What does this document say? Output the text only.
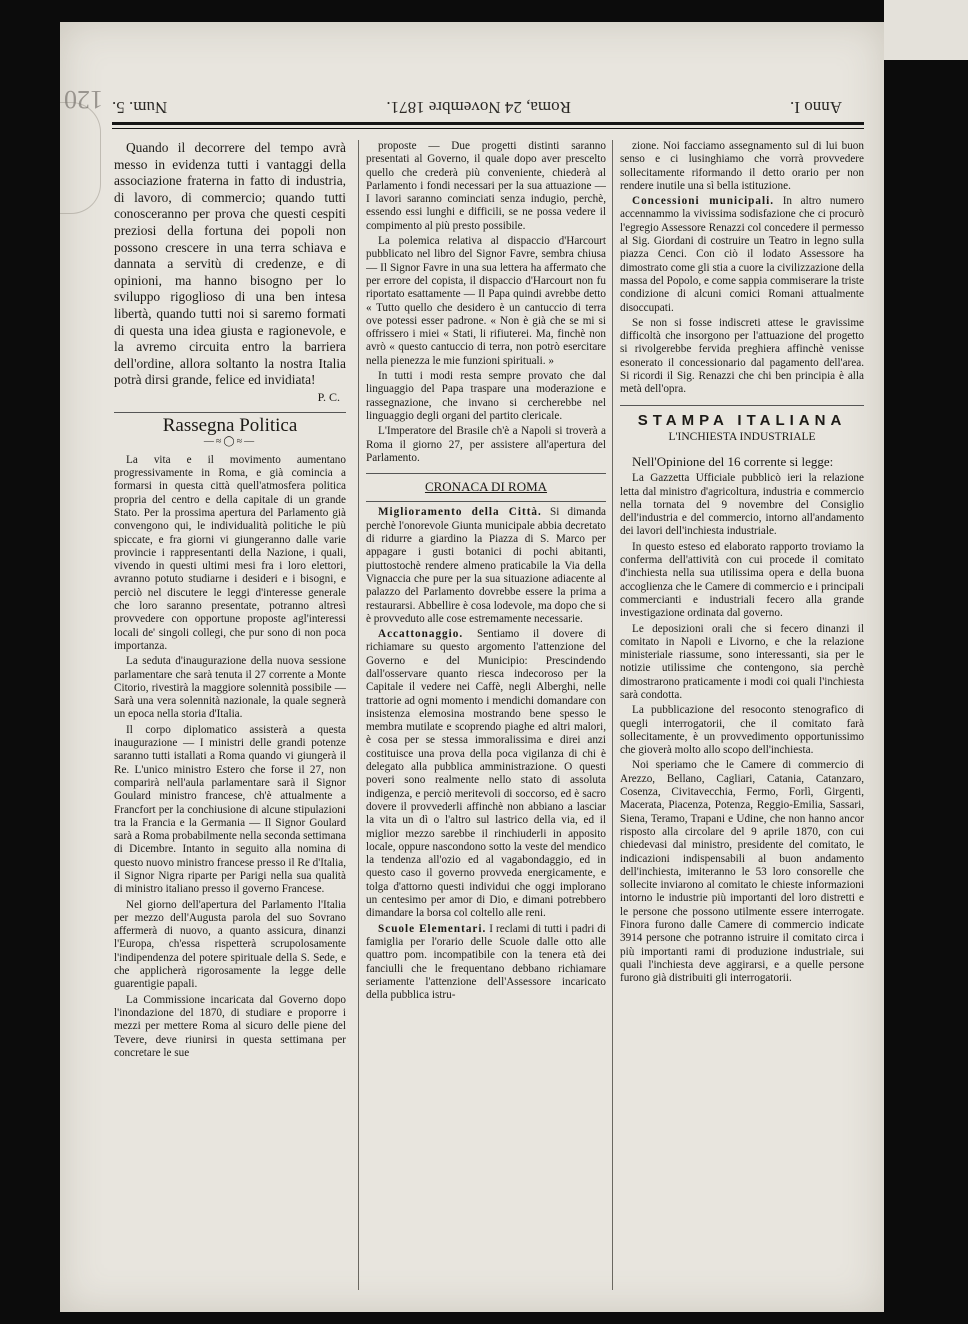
120	Anno I.
Roma, 24 Novembre 1871.
Num. 5.

Quando il decorrere del tempo avrà messo in evidenza tutti i vantaggi della associazione fraterna in fatto di industria, di lavoro, di commercio; quando tutti conosceranno per prova che questi cespiti preziosi della fortuna dei popoli non possono crescere in una terra schiava e dannata a servitù di credenze, e di opinioni, ma hanno bisogno per lo sviluppo rigoglioso di una ben intesa libertà, quando tutti noi si saremo formati di questa una idea giusta e ragionevole, e la avremo circuita entro la barriera dell'ordine, allora soltanto la nostra Italia potrà dirsi grande, felice ed invidiata!

P. C.
Rassegna Politica
—≈◯≈—

La vita e il movimento aumentano progressivamente in Roma, e già comincia a formarsi in questa città quell'atmosfera politica propria del centro e della capitale di un grande Stato. Per la prossima apertura del Parlamento già convengono qui, le individualità politiche le più spiccate, e fra giorni vi giungeranno dalle varie provincie i rappresentanti della Nazione, i quali, vivendo in questi ultimi mesi fra i loro elettori, avranno potuto studiarne i desideri e i bisogni, e perciò nel discutere le leggi d'interesse generale che loro saranno presentate, potranno altresì provvedere con opportune proposte agl'interessi locali de' singoli collegi, che pur sono di non poca importanza.

La seduta d'inaugurazione della nuova sessione parlamentare che sarà tenuta il 27 corrente a Monte Citorio, rivestirà la maggiore solennità possibile — Sarà una vera solennità nazionale, la quale segnerà un epoca nella storia d'Italia.

Il corpo diplomatico assisterà a questa inaugurazione — I ministri delle grandi potenze saranno tutti istallati a Roma quando vi giungerà il Re. L'unico ministro Estero che forse il 27, non comparirà nell'aula parlamentare sarà il Signor Goulard ministro francese, ch'è attualmente a Francfort per la conchiusione di alcune stipulazioni tra la Francia e la Germania — Il Signor Goulard sarà a Roma probabilmente nella seconda settimana di Dicembre. Intanto in seguito alla nomina di questo nuovo ministro francese presso il Re d'Italia, il Signor Nigra riparte per Parigi nella sua qualità di ministro italiano presso il governo Francese.

Nel giorno dell'apertura del Parlamento l'Italia per mezzo dell'Augusta parola del suo Sovrano affermerà di nuovo, a quanto assicura, dinanzi l'Europa, ch'essa rispetterà scrupolosamente l'indipendenza del potere spirituale della S. Sede, e che applicherà rigorosamente la legge delle guarentigie papali.

La Commissione incaricata dal Governo dopo l'inondazione del 1870, di studiare e proporre i mezzi per mettere Roma al sicuro delle piene del Tevere, deve riunirsi in questa settimana per concretare le sue

proposte — Due progetti distinti saranno presentati al Governo, il quale dopo aver prescelto quello che crederà più conveniente, chiederà al Parlamento i fondi necessari per la sua attuazione — I lavori saranno cominciati senza indugio, perchè, essendo essi lunghi e difficili, se ne possa vedere il compimento al più presto possibile.

La polemica relativa al dispaccio d'Harcourt pubblicato nel libro del Signor Favre, sembra chiusa — Il Signor Favre in una sua lettera ha affermato che per errore del copista, il dispaccio d'Harcourt non fu riportato esattamente — Il Papa quindi avrebbe detto « Tutto quello che desidero è un cantuccio di terra ove potessi esser padrone. « Non è già che se mi si offrissero i miei « Stati, li rifiuterei. Ma, finchè non avrò « questo cantuccio di terra, non potrò esercitare nella pienezza le mie funzioni spirituali. »

In tutti i modi resta sempre provato che dal linguaggio del Papa traspare una moderazione e rassegnazione, che invano si cercherebbe nel linguaggio degli organi del partito clericale.

L'Imperatore del Brasile ch'è a Napoli si troverà a Roma il giorno 27, per assistere all'apertura del Parlamento.

CRONACA DI ROMA

Miglioramento della Città. Si dimanda perchè l'onorevole Giunta municipale abbia decretato di ridurre a giardino la Piazza di S. Marco per appagare i gusti botanici di pochi abitanti, piuttostochè rendere almeno praticabile la Via della Vignaccia che pure per la sua situazione adiacente al palazzo del Parlamento dovrebbe essere la prima a restaurarsi. Abbellire è cosa lodevole, ma dopo che si è provveduto alle cose estremamente necessarie.

Accattonaggio. Sentiamo il dovere di richiamare su questo argomento l'attenzione del Governo e del Municipio: Prescindendo dall'osservare quanto riesca indecoroso per la Capitale il vedere nei Caffè, negli Alberghi, nelle trattorie ad ogni momento i mendichi domandare con insistenza elemosina mostrando bene spesso le membra mutilate e scoprendo piaghe ed altri malori, è cosa per se stessa immoralissima e direi anzi costituisce una prova della poca vigilanza di chi è delegato alla pubblica amministrazione. O questi poveri sono realmente nello stato di assoluta indigenza, e perciò meritevoli di soccorso, ed è sacro dovere il provvederli affinchè non abbiano a lasciar la vita un dì o l'altro sul lastrico della via, ed il miglior mezzo sarebbe il rinchiuderli in apposito locale, oppure nascondono sotto la veste del mendico la tendenza all'ozio ed al vagabondaggio, ed in questo caso il governo provveda energicamente, e tolga d'attorno questi individui che oggi implorano un centesimo per amor di Dio, e dimani potrebbero dimandare la borsa col coltello alle reni.

Scuole Elementari. I reclami di tutti i padri di famiglia per l'orario delle Scuole dalle otto alle quattro pom. incompatibile con la tenera età dei fanciulli che le frequentano debbano richiamare seriamente l'attenzione dell'Assessore incaricato della pubblica istru-

zione. Noi facciamo assegnamento sul di lui buon senso e ci lusinghiamo che vorrà provvedere sollecitamente riformando il detto orario per non rendere inutile una sì bella istituzione.

Concessioni municipali. In altro numero accennammo la vivissima sodisfazione che ci procurò l'egregio Assessore Renazzi col concedere il permesso al Sig. Giordani di costruire un Teatro in legno sulla piazza Cenci. Con ciò il lodato Assessore ha dimostrato come gli stia a cuore la civilizzazione della massa del Popolo, e come sappia commiserare la triste condizione di alcuni comici Romani attualmente disoccupati.

Se non si fosse indiscreti attese le gravissime difficoltà che insorgono per l'attuazione del progetto si rivolgerebbe fervida preghiera affinchè venisse esonerato il concessionario dal pagamento dell'area. Si ricordi il Sig. Renazzi che chi ben principia è alla metà dell'opra.

STAMPA ITALIANA
L'INCHIESTA INDUSTRIALE

Nell'Opinione del 16 corrente si legge:

La Gazzetta Ufficiale pubblicò ieri la relazione letta dal ministro d'agricoltura, industria e commercio nella tornata del 9 novembre del Consiglio dell'industria e del commercio, intorno all'andamento dei lavori dell'inchiesta industriale.

In questo esteso ed elaborato rapporto troviamo la conferma dell'attività con cui procede il comitato d'inchiesta nella sua utilissima opera e della buona accoglienza che le Camere di commercio e i principali commercianti e industriali fecero alla grande investigazione ordinata dal governo.

Le deposizioni orali che si fecero dinanzi il comitato in Napoli e Livorno, e che la relazione ministeriale riassume, sono interessanti, sia per le notizie utilissime che contengono, sia perchè dimostrarono praticamente i modi coi quali l'inchiesta sarà condotta.

La pubblicazione del resoconto stenografico di quegli interrogatorii, che il comitato farà sollecitamente, è un provvedimento opportunissimo che gioverà molto allo scopo dell'inchiesta.

Noi speriamo che le Camere di commercio di Arezzo, Bellano, Cagliari, Catania, Catanzaro, Cosenza, Civitavecchia, Fermo, Forlì, Girgenti, Macerata, Piacenza, Potenza, Reggio-Emilia, Sassari, Siena, Teramo, Trapani e Udine, che non hanno ancor risposto alla circolare del 9 aprile 1870, con cui chiedevasi dal ministro, presidente del comitato, le indicazioni indispensabili al buon andamento dell'inchiesta, imiteranno le 53 loro consorelle che sollecite inviarono al comitato le chieste informazioni intorno le industrie più importanti del loro distretti e le persone che possono utilmente essere interrogate. Finora furono dalle Camere di commercio indicate 3914 persone che potranno istruire il comitato circa i più importanti rami di produzione industriale, sui quali l'inchiesta deve aggirarsi, e a quelle persone furono già distribuiti gli interrogatorii.
